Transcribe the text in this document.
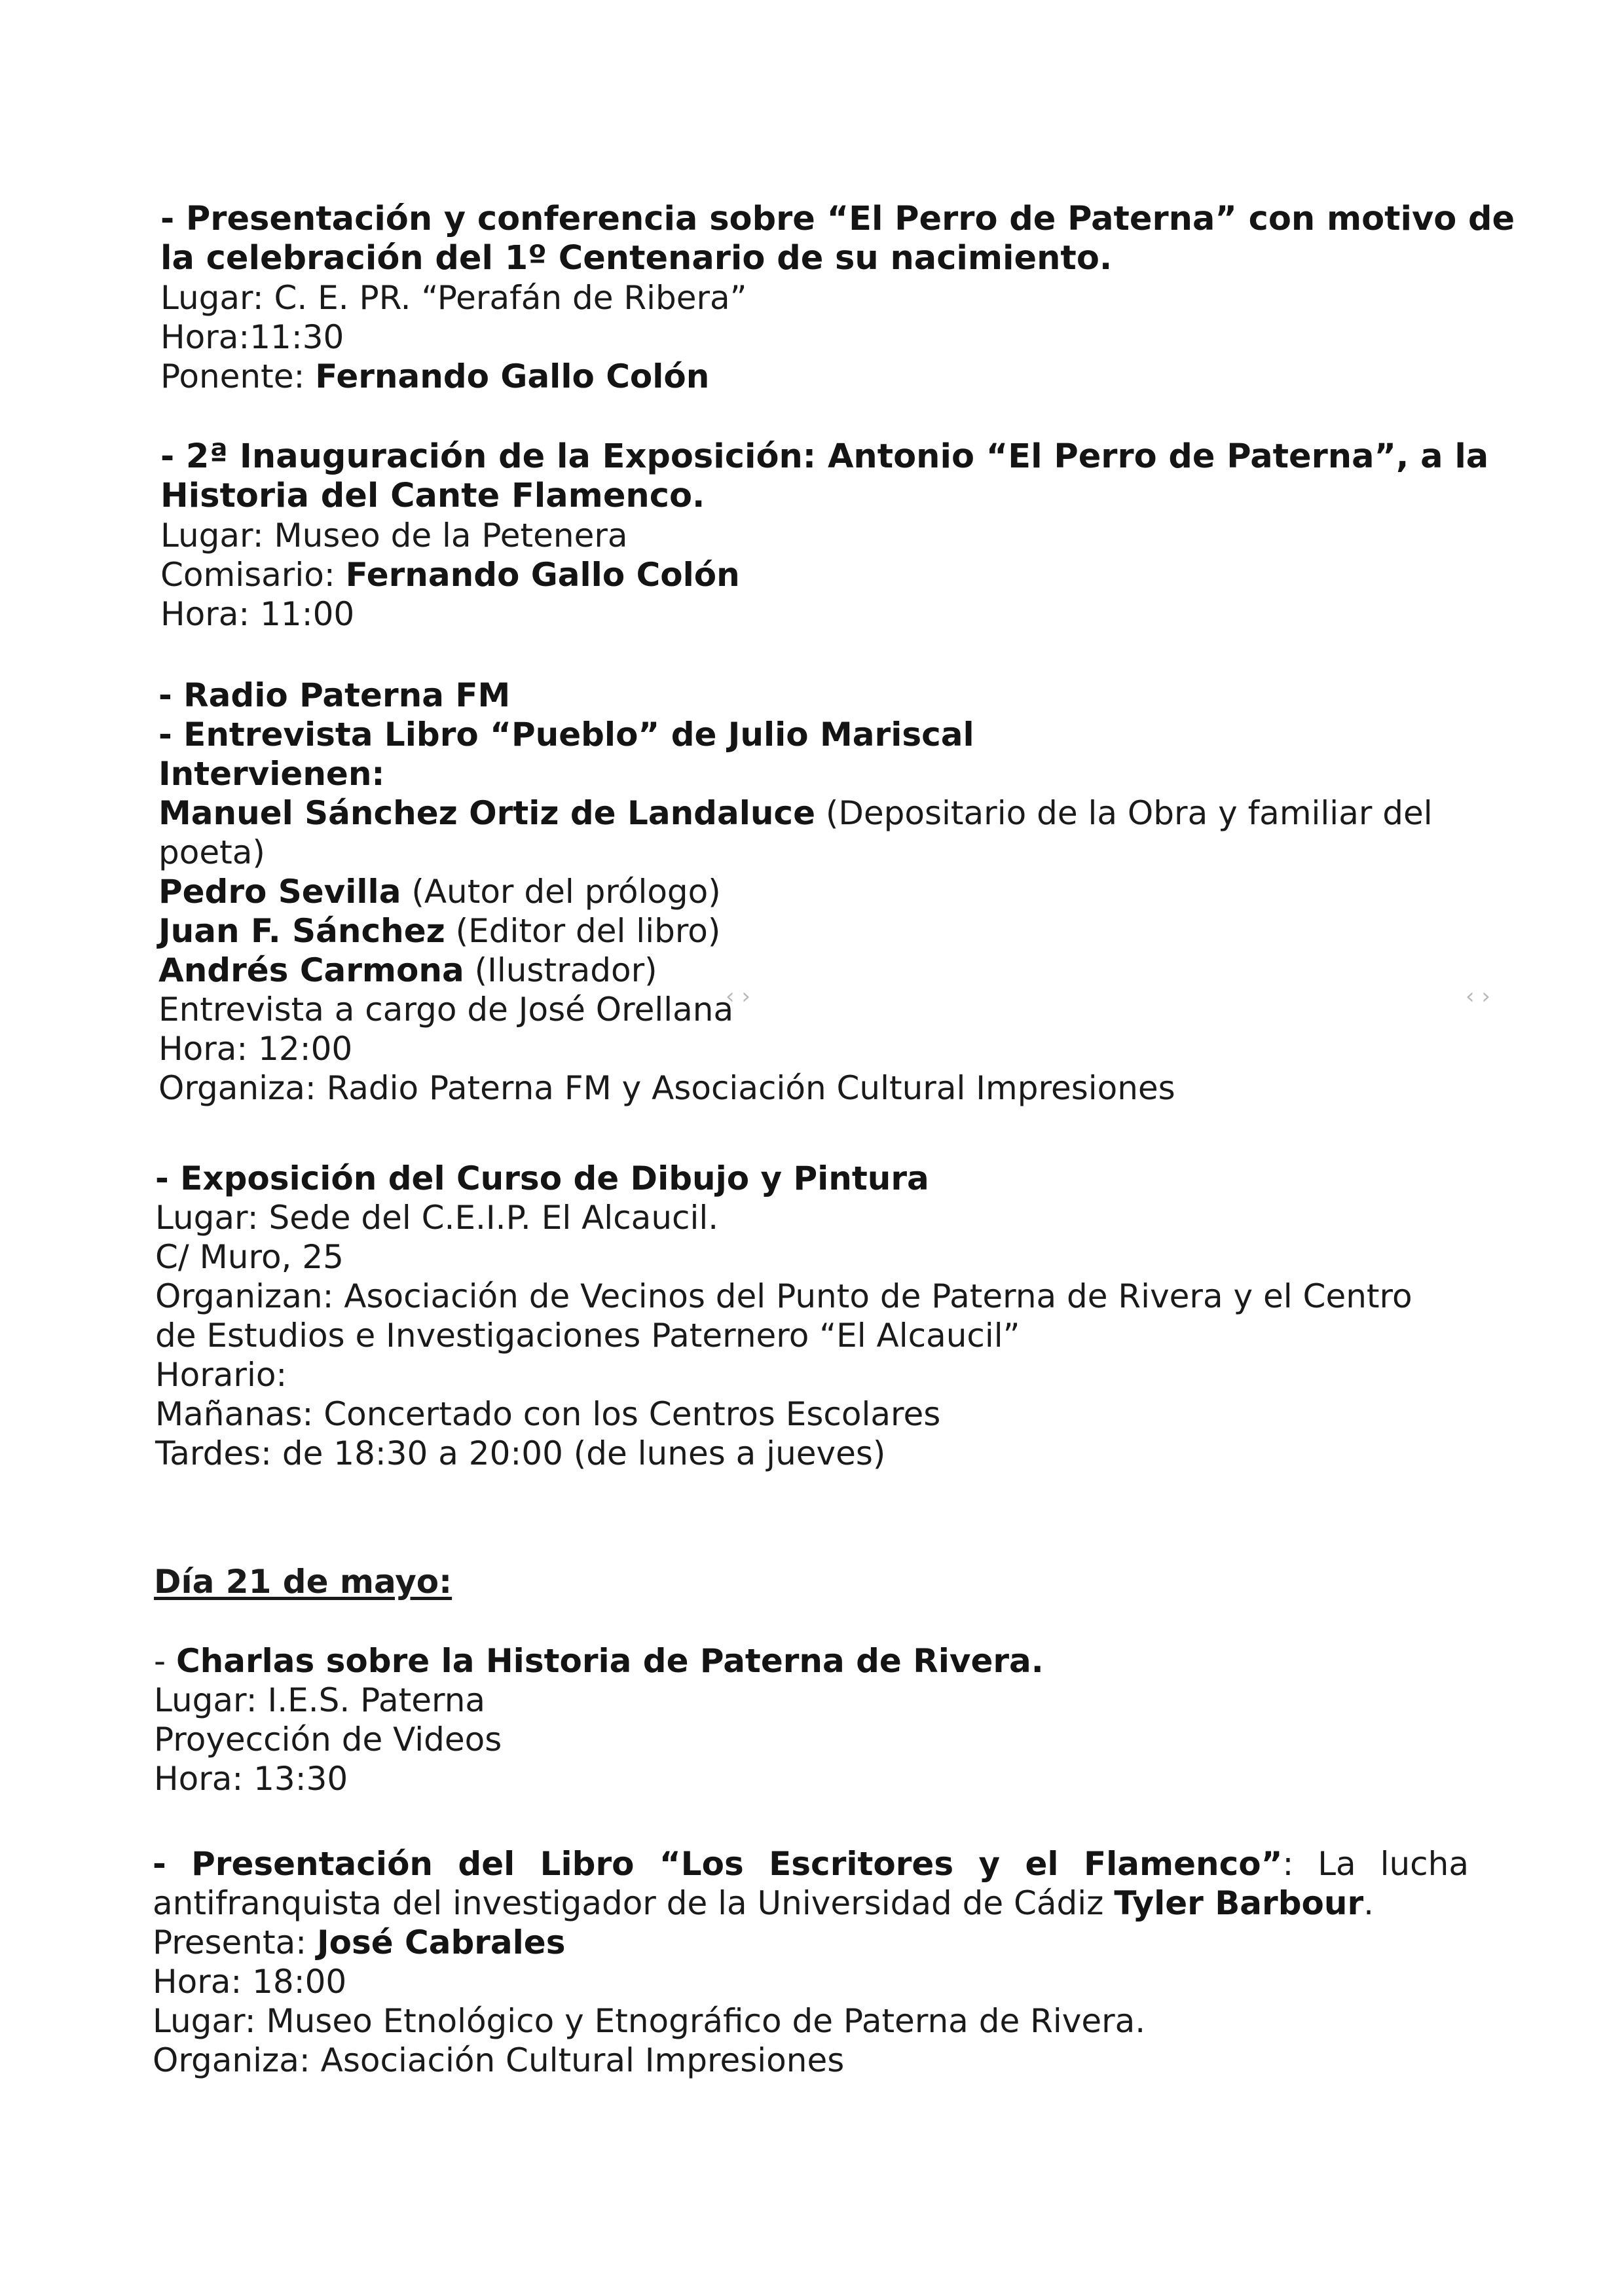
- Presentación y conferencia sobre “El Perro de Paterna” con motivo de
la celebración del 1º Centenario de su nacimiento.
Lugar: C. E. PR. “Perafán de Ribera”
Hora:11:30
Ponente: Fernando Gallo Colón
- 2ª Inauguración de la Exposición: Antonio “El Perro de Paterna”, a la
Historia del Cante Flamenco.
Lugar: Museo de la Petenera
Comisario: Fernando Gallo Colón
Hora: 11:00
- Radio Paterna FM
- Entrevista Libro “Pueblo” de Julio Mariscal
Intervienen:
Manuel Sánchez Ortiz de Landaluce (Depositario de la Obra y familiar del
poeta)
Pedro Sevilla (Autor del prólogo)
Juan F. Sánchez (Editor del libro)
Andrés Carmona (Ilustrador)
Entrevista a cargo de José Orellana
Hora: 12:00
Organiza: Radio Paterna FM y Asociación Cultural Impresiones
- Exposición del Curso de Dibujo y Pintura
Lugar: Sede del C.E.I.P. El Alcaucil.
C/ Muro, 25
Organizan: Asociación de Vecinos del Punto de Paterna de Rivera y el Centro
de Estudios e Investigaciones Paternero “El Alcaucil”
Horario:
Mañanas: Concertado con los Centros Escolares
Tardes: de 18:30 a 20:00 (de lunes a jueves)
Día 21 de mayo:
- Charlas sobre la Historia de Paterna de Rivera.
Lugar: I.E.S. Paterna
Proyección de Videos
Hora: 13:30
- Presentación del Libro “Los Escritores y el Flamenco”: La lucha
antifranquista del investigador de la Universidad de Cádiz Tyler Barbour.
Presenta: José Cabrales
Hora: 18:00
Lugar: Museo Etnológico y Etnográfico de Paterna de Rivera.
Organiza: Asociación Cultural Impresiones
‹ ›	‹ ›
